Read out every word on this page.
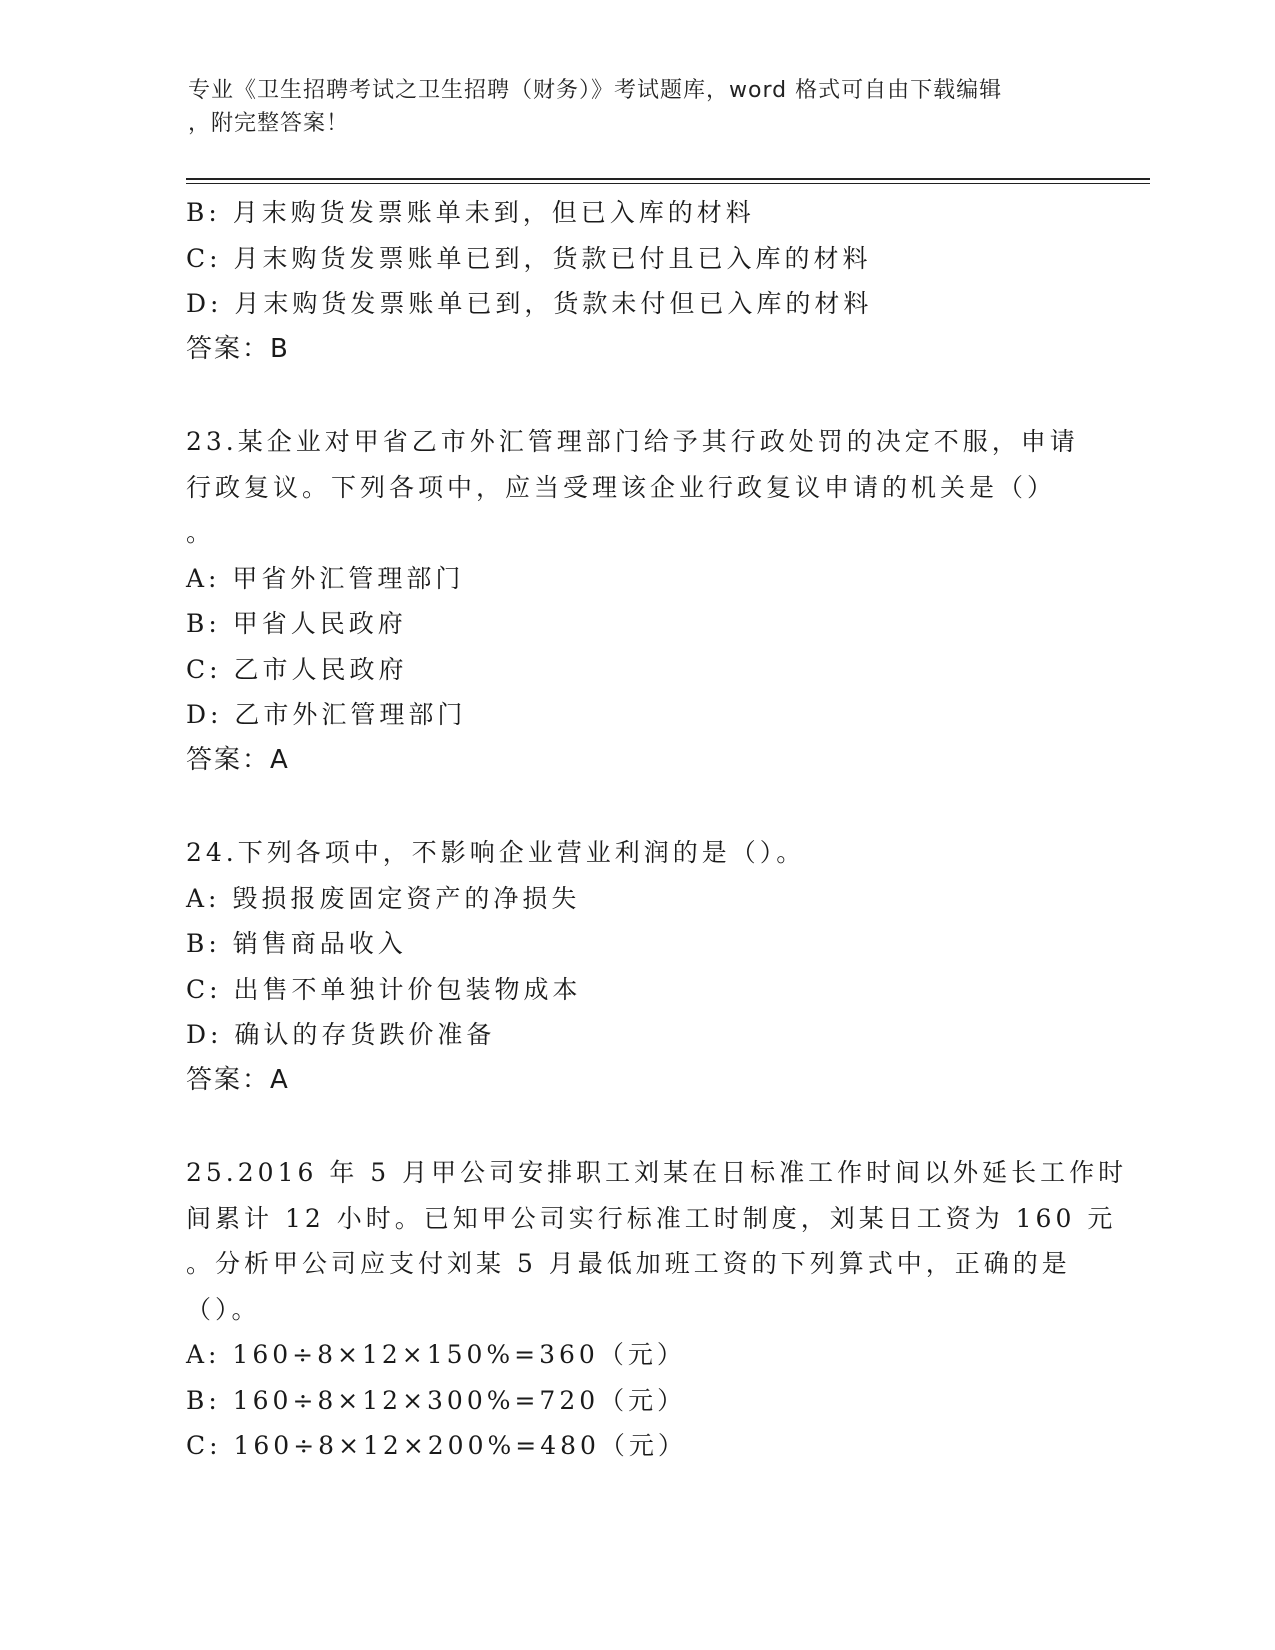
专业《卫生招聘考试之卫生招聘（财务）》考试题库，word 格式可自由下载编辑
，附完整答案！
B: 月末购货发票账单未到，但已入库的材料
C: 月末购货发票账单已到，货款已付且已入库的材料
D: 月末购货发票账单已到，货款未付但已入库的材料
答案：B
23.某企业对甲省乙市外汇管理部门给予其行政处罚的决定不服，申请
行政复议。下列各项中，应当受理该企业行政复议申请的机关是（）
。
A: 甲省外汇管理部门
B: 甲省人民政府
C: 乙市人民政府
D: 乙市外汇管理部门
答案：A
24.下列各项中，不影响企业营业利润的是（）。
A: 毁损报废固定资产的净损失
B: 销售商品收入
C: 出售不单独计价包装物成本
D: 确认的存货跌价准备
答案：A
25.2016 年 5 月甲公司安排职工刘某在日标准工作时间以外延长工作时
间累计 12 小时。已知甲公司实行标准工时制度，刘某日工资为 160 元
。分析甲公司应支付刘某 5 月最低加班工资的下列算式中，正确的是
（）。
A: 160÷8×12×150%=360（元）
B: 160÷8×12×300%=720（元）
C: 160÷8×12×200%=480（元）
